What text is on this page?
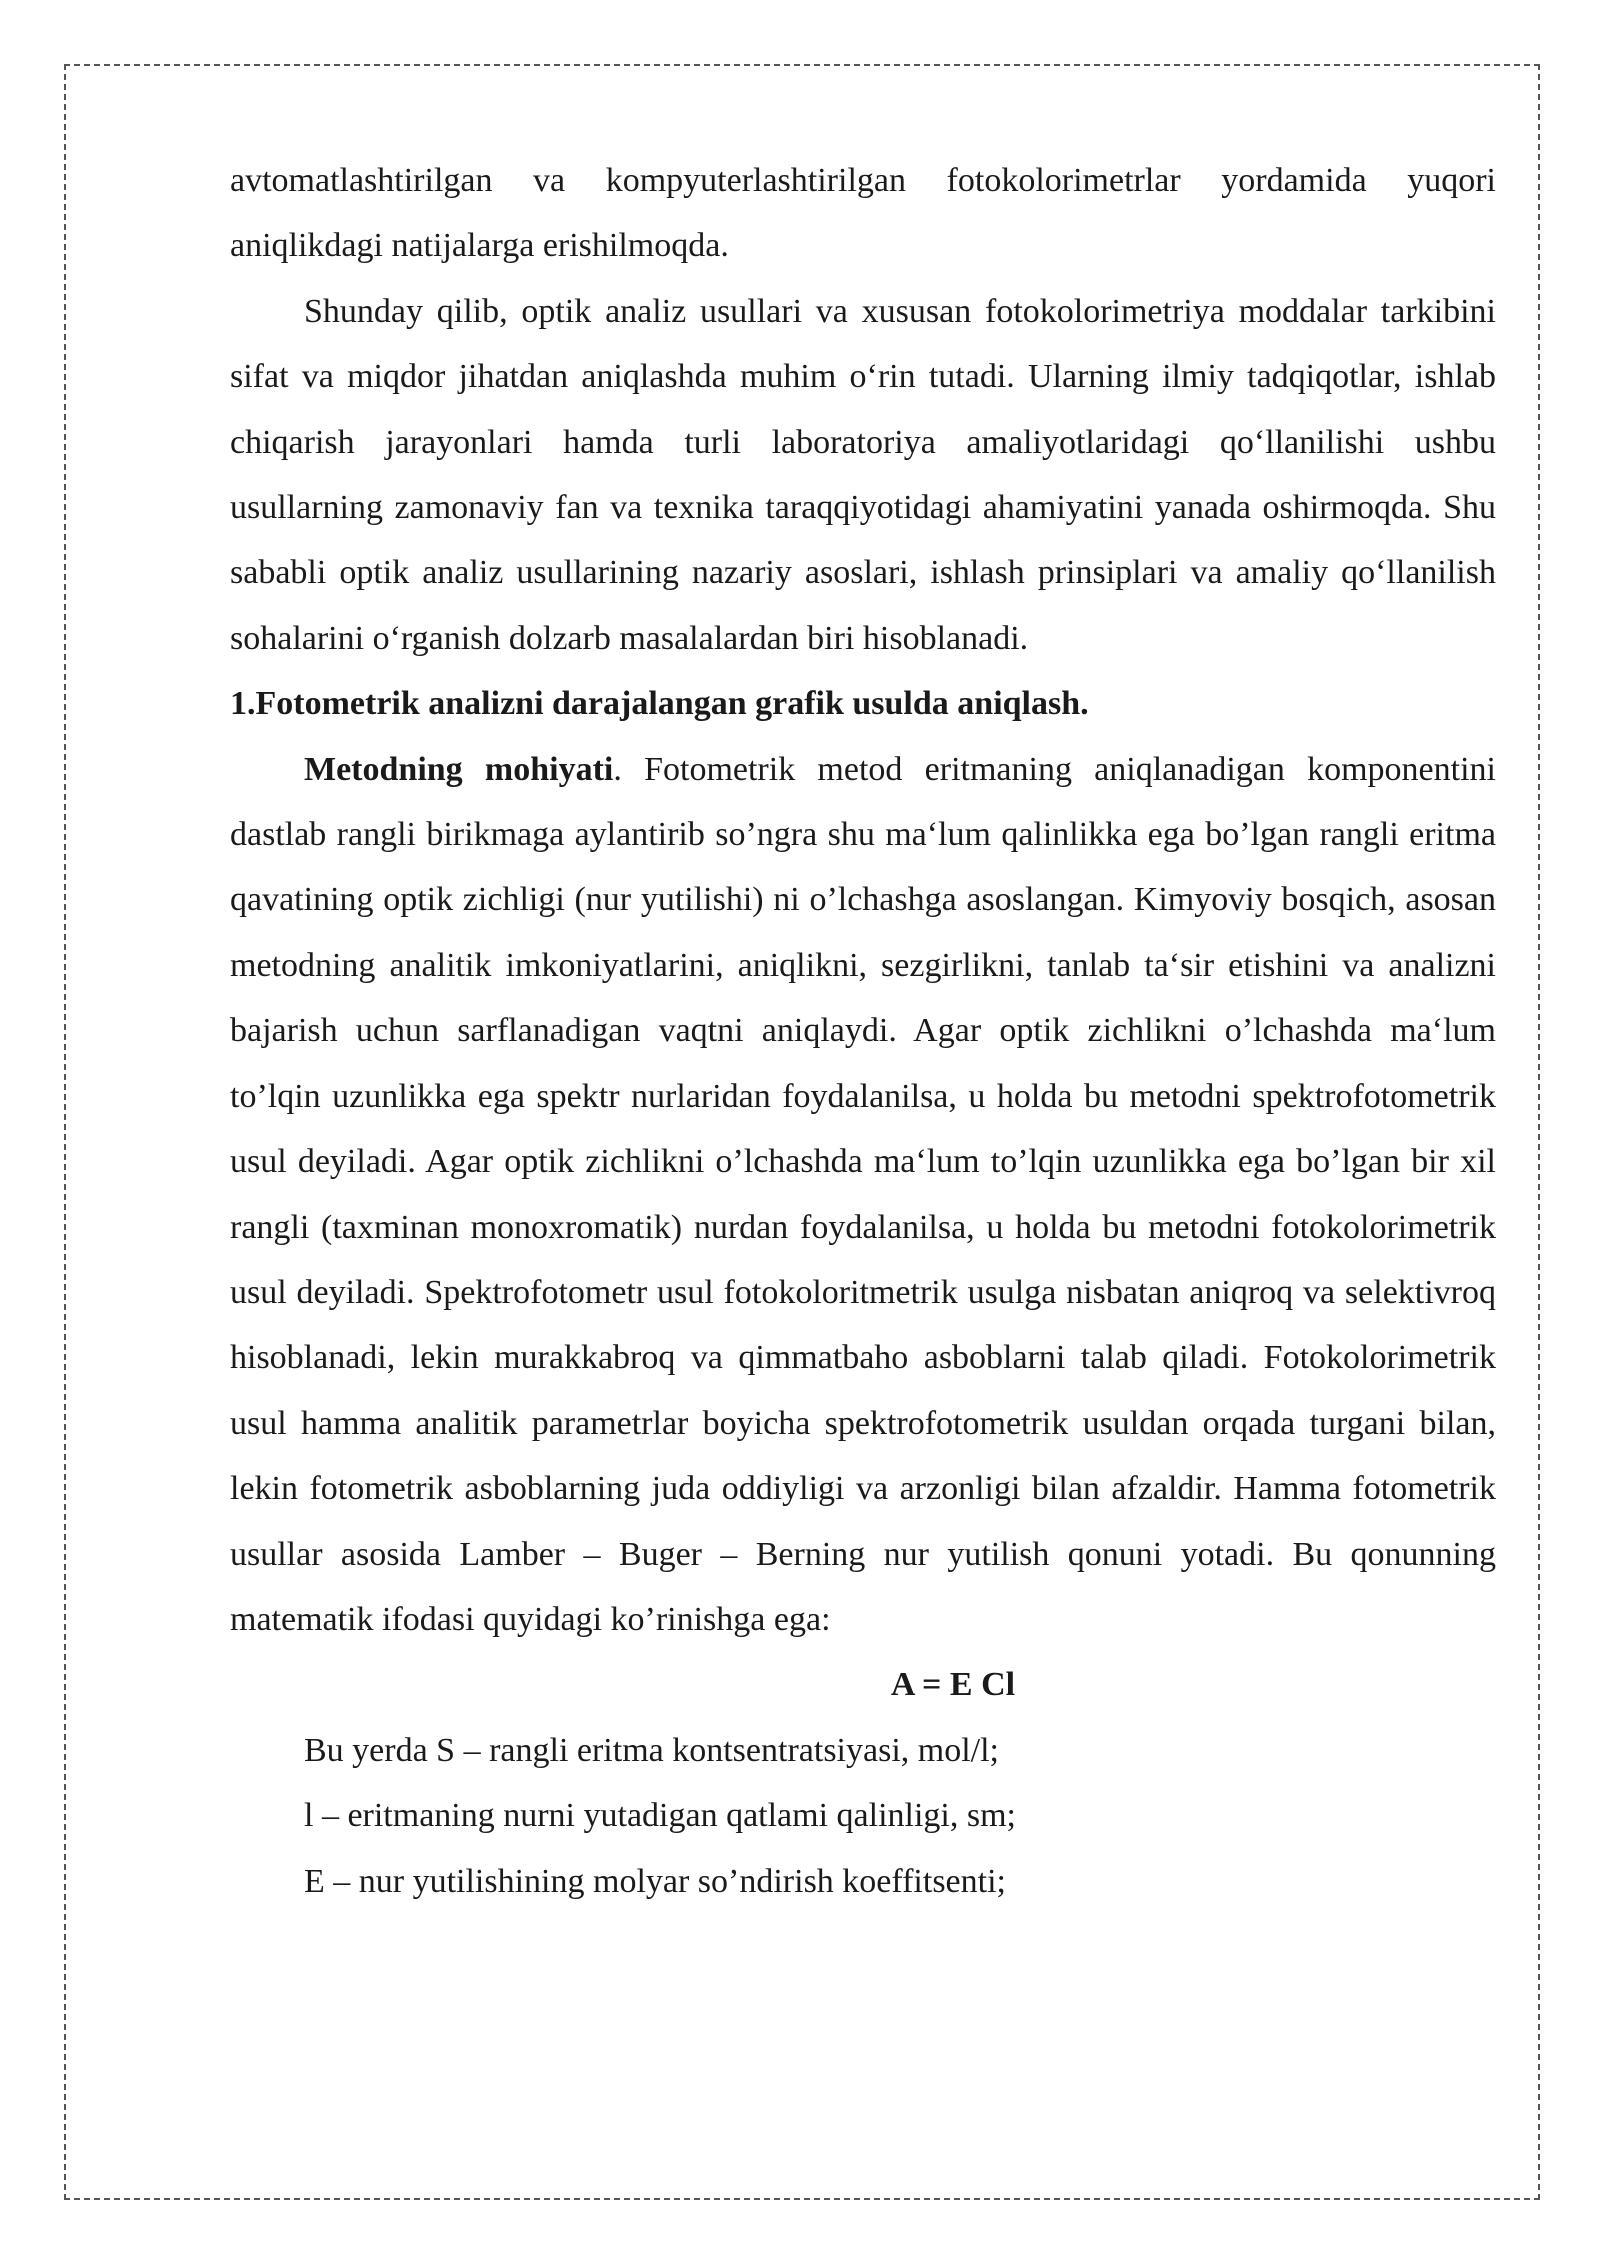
avtomatlashtirilgan va kompyuterlashtirilgan fotokolorimetrlar yordamida yuqori aniqlikdagi natijalarga erishilmoqda.

Shunday qilib, optik analiz usullari va xususan fotokolorimetriya moddalar tarkibini sifat va miqdor jihatdan aniqlashda muhim o‘rin tutadi. Ularning ilmiy tadqiqotlar, ishlab chiqarish jarayonlari hamda turli laboratoriya amaliyotlaridagi qo‘llanilishi ushbu usullarning zamonaviy fan va texnika taraqqiyotidagi ahamiyatini yanada oshirmoqda. Shu sababli optik analiz usullarining nazariy asoslari, ishlash prinsiplari va amaliy qo‘llanilish sohalarini o‘rganish dolzarb masalalardan biri hisoblanadi.

1.Fotometrik analizni darajalangan grafik usulda aniqlash.

Metodning mohiyati. Fotometrik metod eritmaning aniqlanadigan komponentini dastlab rangli birikmaga aylantirib so’ngra shu ma‘lum qalinlikka ega bo’lgan rangli eritma qavatining optik zichligi (nur yutilishi) ni o’lchashga asoslangan. Kimyoviy bosqich, asosan metodning analitik imkoniyatlarini, aniqlikni, sezgirlikni, tanlab ta‘sir etishini va analizni bajarish uchun sarflanadigan vaqtni aniqlaydi. Agar optik zichlikni o’lchashda ma‘lum to’lqin uzunlikka ega spektr nurlaridan foydalanilsa, u holda bu metodni spektrofotometrik usul deyiladi. Agar optik zichlikni o’lchashda ma‘lum to’lqin uzunlikka ega bo’lgan bir xil rangli (taxminan monoxromatik) nurdan foydalanilsa, u holda bu metodni fotokolorimetrik usul deyiladi. Spektrofotometr usul fotokoloritmetrik usulga nisbatan aniqroq va selektivroq hisoblanadi, lekin murakkabroq va qimmatbaho asboblarni talab qiladi. Fotokolorimetrik usul hamma analitik parametrlar boyicha spektrofotometrik usuldan orqada turgani bilan, lekin fotometrik asboblarning juda oddiyligi va arzonligi bilan afzaldir. Hamma fotometrik usullar asosida Lamber – Buger – Berning nur yutilish qonuni yotadi. Bu qonunning matematik ifodasi quyidagi ko’rinishga ega:

A = E Cl

Bu yerda S – rangli eritma kontsentratsiyasi, mol/l;

l – eritmaning nurni yutadigan qatlami qalinligi, sm;

E – nur yutilishining molyar so’ndirish koeffitsenti;
